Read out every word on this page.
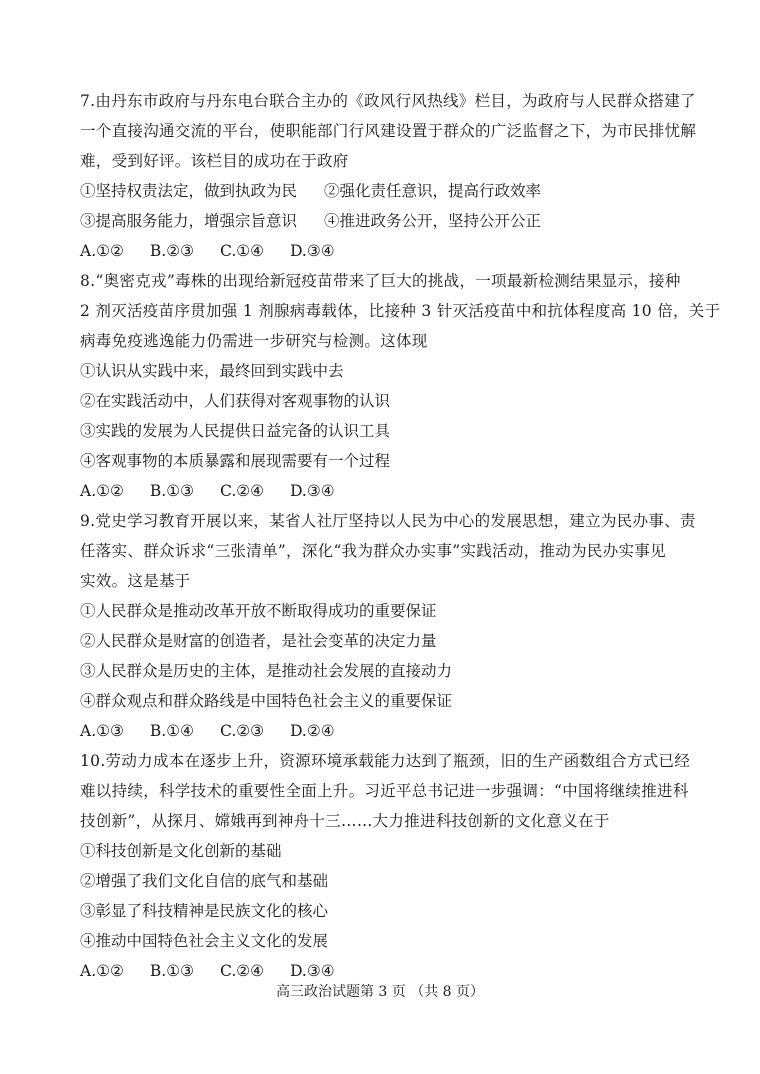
7.由丹东市政府与丹东电台联合主办的《政风行风热线》栏目，为政府与人民群众搭建了
一个直接沟通交流的平台，使职能部门行风建设置于群众的广泛监督之下，为市民排忧解
难，受到好评。该栏目的成功在于政府
①坚持权责法定，做到执政为民 ②强化责任意识，提高行政效率
③提高服务能力，增强宗旨意识 ④推进政务公开，坚持公开公正
A.①② B.②③ C.①④ D.③④
8.“奥密克戎”毒株的出现给新冠疫苗带来了巨大的挑战，一项最新检测结果显示，接种
2 剂灭活疫苗序贯加强 1 剂腺病毒载体，比接种 3 针灭活疫苗中和抗体程度高 10 倍，关于
病毒免疫逃逸能力仍需进一步研究与检测。这体现
①认识从实践中来，最终回到实践中去
②在实践活动中，人们获得对客观事物的认识
③实践的发展为人民提供日益完备的认识工具
④客观事物的本质暴露和展现需要有一个过程
A.①② B.①③ C.②④ D.③④
9.党史学习教育开展以来，某省人社厅坚持以人民为中心的发展思想，建立为民办事、责
任落实、群众诉求“三张清单”，深化“我为群众办实事”实践活动，推动为民办实事见
实效。这是基于
①人民群众是推动改革开放不断取得成功的重要保证
②人民群众是财富的创造者，是社会变革的决定力量
③人民群众是历史的主体，是推动社会发展的直接动力
④群众观点和群众路线是中国特色社会主义的重要保证
A.①③ B.①④ C.②③ D.②④
10.劳动力成本在逐步上升，资源环境承载能力达到了瓶颈，旧的生产函数组合方式已经
难以持续，科学技术的重要性全面上升。习近平总书记进一步强调：“中国将继续推进科
技创新”，从探月、嫦娥再到神舟十三……大力推进科技创新的文化意义在于
①科技创新是文化创新的基础
②增强了我们文化自信的底气和基础
③彰显了科技精神是民族文化的核心
④推动中国特色社会主义文化的发展
A.①② B.①③ C.②④ D.③④
高三政治试题第 3 页 （共 8 页）
